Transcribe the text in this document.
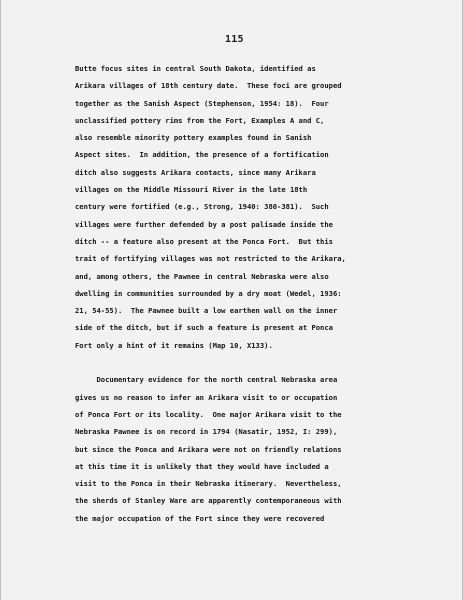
115
Butte focus sites in central South Dakota, identified as
Arikara villages of 18th century date.  These foci are grouped
together as the Sanish Aspect (Stephenson, 1954: 18).  Four
unclassified pottery rims from the Fort, Examples A and C,
also resemble minority pottery examples found in Sanish
Aspect sites.  In addition, the presence of a fortification
ditch also suggests Arikara contacts, since many Arikara
villages on the Middle Missouri River in the late 18th
century were fortified (e.g., Strong, 1940: 380-381).  Such
villages were further defended by a post palisade inside the
ditch -- a feature also present at the Ponca Fort.  But this
trait of fortifying villages was not restricted to the Arikara,
and, among others, the Pawnee in central Nebraska were also
dwelling in communities surrounded by a dry moat (Wedel, 1936:
21, 54-55).  The Pawnee built a low earthen wall on the inner
side of the ditch, but if such a feature is present at Ponca
Fort only a hint of it remains (Map 10, X133).
Documentary evidence for the north central Nebraska area
gives us no reason to infer an Arikara visit to or occupation
of Ponca Fort or its locality.  One major Arikara visit to the
Nebraska Pawnee is on record in 1794 (Nasatir, 1952, I: 299),
but since the Ponca and Arikara were not on friendly relations
at this time it is unlikely that they would have included a
visit to the Ponca in their Nebraska itinerary.  Nevertheless,
the sherds of Stanley Ware are apparently contemporaneous with
the major occupation of the Fort since they were recovered
